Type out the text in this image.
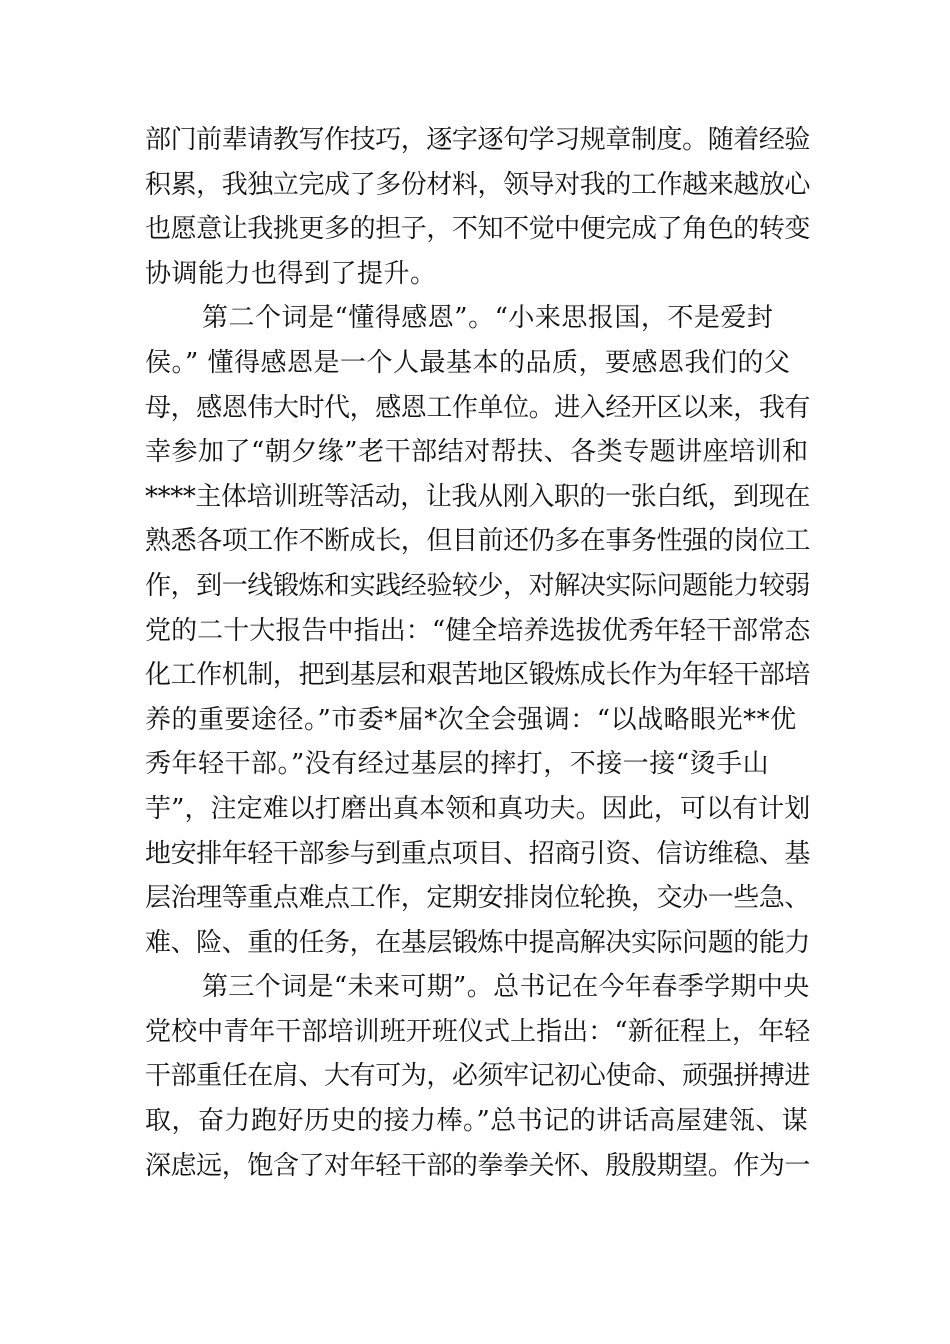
部门前辈请教写作技巧，逐字逐句学习规章制度。随着经验
积累，我独立完成了多份材料，领导对我的工作越来越放心
也愿意让我挑更多的担子，不知不觉中便完成了角色的转变
协调能力也得到了提升。
第二个词是“懂得感恩”。“小来思报国，不是爱封
侯。” 懂得感恩是一个人最基本的品质，要感恩我们的父
母，感恩伟大时代，感恩工作单位。进入经开区以来，我有
幸参加了“朝夕缘”老干部结对帮扶、各类专题讲座培训和
****主体培训班等活动，让我从刚入职的一张白纸，到现在
熟悉各项工作不断成长，但目前还仍多在事务性强的岗位工
作，到一线锻炼和实践经验较少，对解决实际问题能力较弱
党的二十大报告中指出：“健全培养选拔优秀年轻干部常态
化工作机制，把到基层和艰苦地区锻炼成长作为年轻干部培
养的重要途径。”市委*届*次全会强调：“以战略眼光**优
秀年轻干部。”没有经过基层的摔打，不接一接“烫手山
芋”，注定难以打磨出真本领和真功夫。因此，可以有计划
地安排年轻干部参与到重点项目、招商引资、信访维稳、基
层治理等重点难点工作，定期安排岗位轮换，交办一些急、
难、险、重的任务，在基层锻炼中提高解决实际问题的能力
第三个词是“未来可期”。总书记在今年春季学期中央
党校中青年干部培训班开班仪式上指出：“新征程上，年轻
干部重任在肩、大有可为，必须牢记初心使命、顽强拼搏进
取，奋力跑好历史的接力棒。”总书记的讲话高屋建瓴、谋
深虑远，饱含了对年轻干部的拳拳关怀、殷殷期望。作为一
